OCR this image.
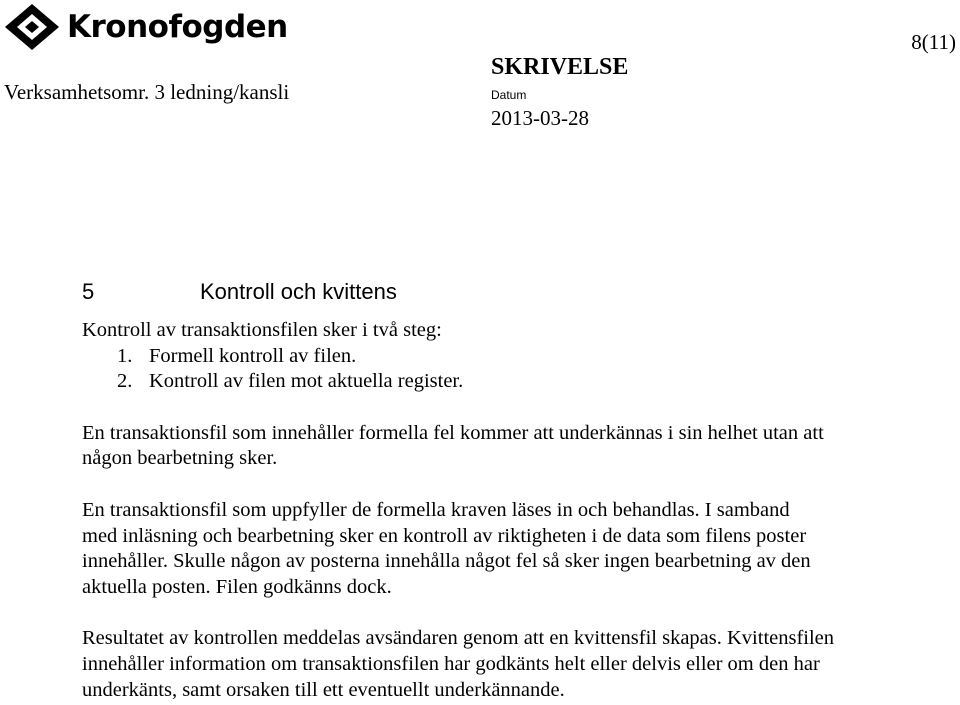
Kronofogden	8(11)
Verksamhetsomr. 3 ledning/kansli
SKRIVELSE
Datum
2013-03-28
5	Kontroll och kvittens

Kontroll av transaktionsfilen sker i två steg:

1. Formell kontroll av filen.
2. Kontroll av filen mot aktuella register.

En transaktionsfil som innehåller formella fel kommer att underkännas i sin helhet utan att någon bearbetning sker.

En transaktionsfil som uppfyller de formella kraven läses in och behandlas. I samband med inläsning och bearbetning sker en kontroll av riktigheten i de data som filens poster innehåller. Skulle någon av posterna innehålla något fel så sker ingen bearbetning av den aktuella posten. Filen godkänns dock.

Resultatet av kontrollen meddelas avsändaren genom att en kvittensfil skapas. Kvittensfilen innehåller information om transaktionsfilen har godkänts helt eller delvis eller om den har underkänts, samt orsaken till ett eventuellt underkännande.
